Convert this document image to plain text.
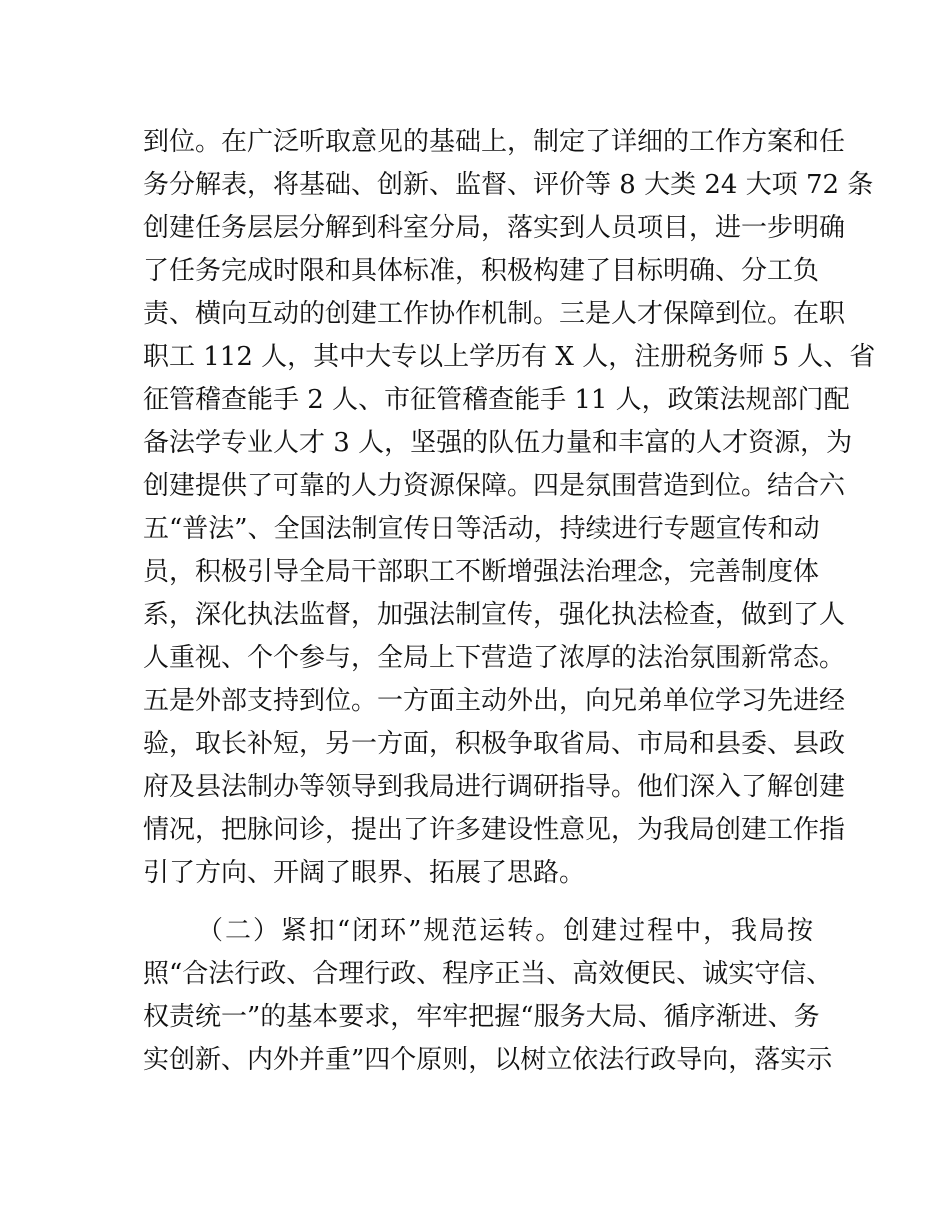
到位。在广泛听取意见的基础上，制定了详细的工作方案和任
务分解表，将基础、创新、监督、评价等 8 大类 24 大项 72 条
创建任务层层分解到科室分局，落实到人员项目，进一步明确
了任务完成时限和具体标准，积极构建了目标明确、分工负
责、横向互动的创建工作协作机制。三是人才保障到位。在职
职工 112 人，其中大专以上学历有 X 人，注册税务师 5 人、省
征管稽查能手 2 人、市征管稽查能手 11 人，政策法规部门配
备法学专业人才 3 人，坚强的队伍力量和丰富的人才资源，为
创建提供了可靠的人力资源保障。四是氛围营造到位。结合六
五“普法”、全国法制宣传日等活动，持续进行专题宣传和动
员，积极引导全局干部职工不断增强法治理念，完善制度体
系，深化执法监督，加强法制宣传，强化执法检查，做到了人
人重视、个个参与，全局上下营造了浓厚的法治氛围新常态。
五是外部支持到位。一方面主动外出，向兄弟单位学习先进经
验，取长补短，另一方面，积极争取省局、市局和县委、县政
府及县法制办等领导到我局进行调研指导。他们深入了解创建
情况，把脉问诊，提出了许多建设性意见，为我局创建工作指
引了方向、开阔了眼界、拓展了思路。
（二）紧扣“闭环”规范运转。创建过程中，我局按
照“合法行政、合理行政、程序正当、高效便民、诚实守信、
权责统一”的基本要求，牢牢把握“服务大局、循序渐进、务
实创新、内外并重”四个原则，以树立依法行政导向，落实示
